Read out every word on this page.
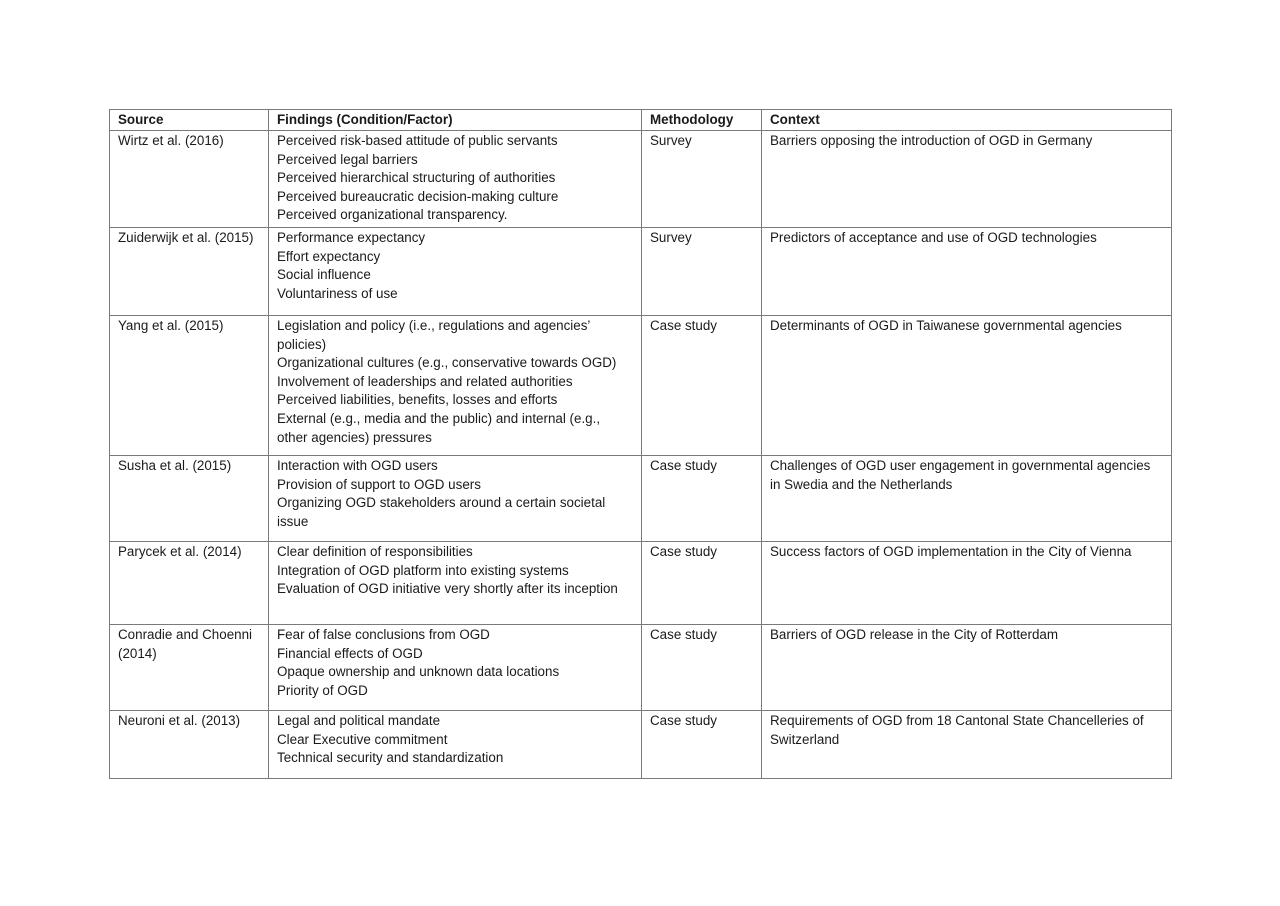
Source	Findings (Condition/Factor)	Methodology	Context
Wirtz et al. (2016)	Perceived risk-based attitude of public servants
Perceived legal barriers
Perceived hierarchical structuring of authorities
Perceived bureaucratic decision-making culture
Perceived organizational transparency.	Survey	Barriers opposing the introduction of OGD in Germany
Zuiderwijk et al. (2015)	Performance expectancy
Effort expectancy
Social influence
Voluntariness of use	Survey	Predictors of acceptance and use of OGD technologies
Yang et al. (2015)	Legislation and policy (i.e., regulations and agencies’ policies)
Organizational cultures (e.g., conservative towards OGD)
Involvement of leaderships and related authorities
Perceived liabilities, benefits, losses and efforts
External (e.g., media and the public) and internal (e.g., other agencies) pressures	Case study	Determinants of OGD in Taiwanese governmental agencies
Susha et al. (2015)	Interaction with OGD users
Provision of support to OGD users
Organizing OGD stakeholders around a certain societal issue	Case study	Challenges of OGD user engagement in governmental agencies in Swedia and the Netherlands
Parycek et al. (2014)	Clear definition of responsibilities
Integration of OGD platform into existing systems
Evaluation of OGD initiative very shortly after its inception	Case study	Success factors of OGD implementation in the City of Vienna
Conradie and Choenni (2014)	Fear of false conclusions from OGD
Financial effects of OGD
Opaque ownership and unknown data locations
Priority of OGD	Case study	Barriers of OGD release in the City of Rotterdam
Neuroni et al. (2013)	Legal and political mandate
Clear Executive commitment
Technical security and standardization	Case study	Requirements of OGD from 18 Cantonal State Chancelleries of Switzerland
